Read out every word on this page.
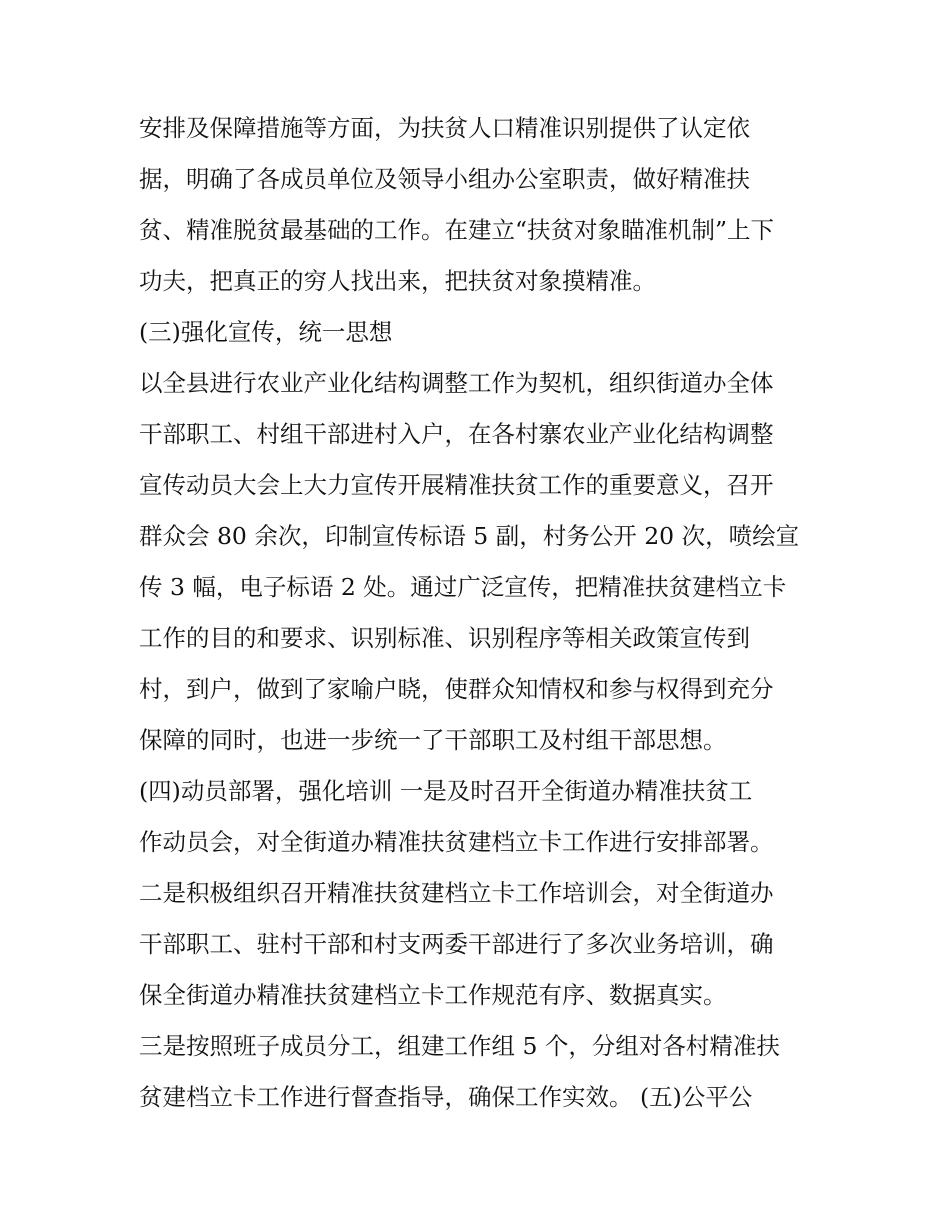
安排及保障措施等方面，为扶贫人口精准识别提供了认定依
据，明确了各成员单位及领导小组办公室职责，做好精准扶
贫、精准脱贫最基础的工作。在建立“扶贫对象瞄准机制”上下
功夫，把真正的穷人找出来，把扶贫对象摸精准。
(三)强化宣传，统一思想
以全县进行农业产业化结构调整工作为契机，组织街道办全体
干部职工、村组干部进村入户，在各村寨农业产业化结构调整
宣传动员大会上大力宣传开展精准扶贫工作的重要意义，召开
群众会 80 余次，印制宣传标语 5 副，村务公开 20 次，喷绘宣
传 3 幅，电子标语 2 处。通过广泛宣传，把精准扶贫建档立卡
工作的目的和要求、识别标准、识别程序等相关政策宣传到
村，到户，做到了家喻户晓，使群众知情权和参与权得到充分
保障的同时，也进一步统一了干部职工及村组干部思想。
(四)动员部署，强化培训 一是及时召开全街道办精准扶贫工
作动员会，对全街道办精准扶贫建档立卡工作进行安排部署。
二是积极组织召开精准扶贫建档立卡工作培训会，对全街道办
干部职工、驻村干部和村支两委干部进行了多次业务培训，确
保全街道办精准扶贫建档立卡工作规范有序、数据真实。
三是按照班子成员分工，组建工作组 5 个，分组对各村精准扶
贫建档立卡工作进行督查指导，确保工作实效。 (五)公平公
